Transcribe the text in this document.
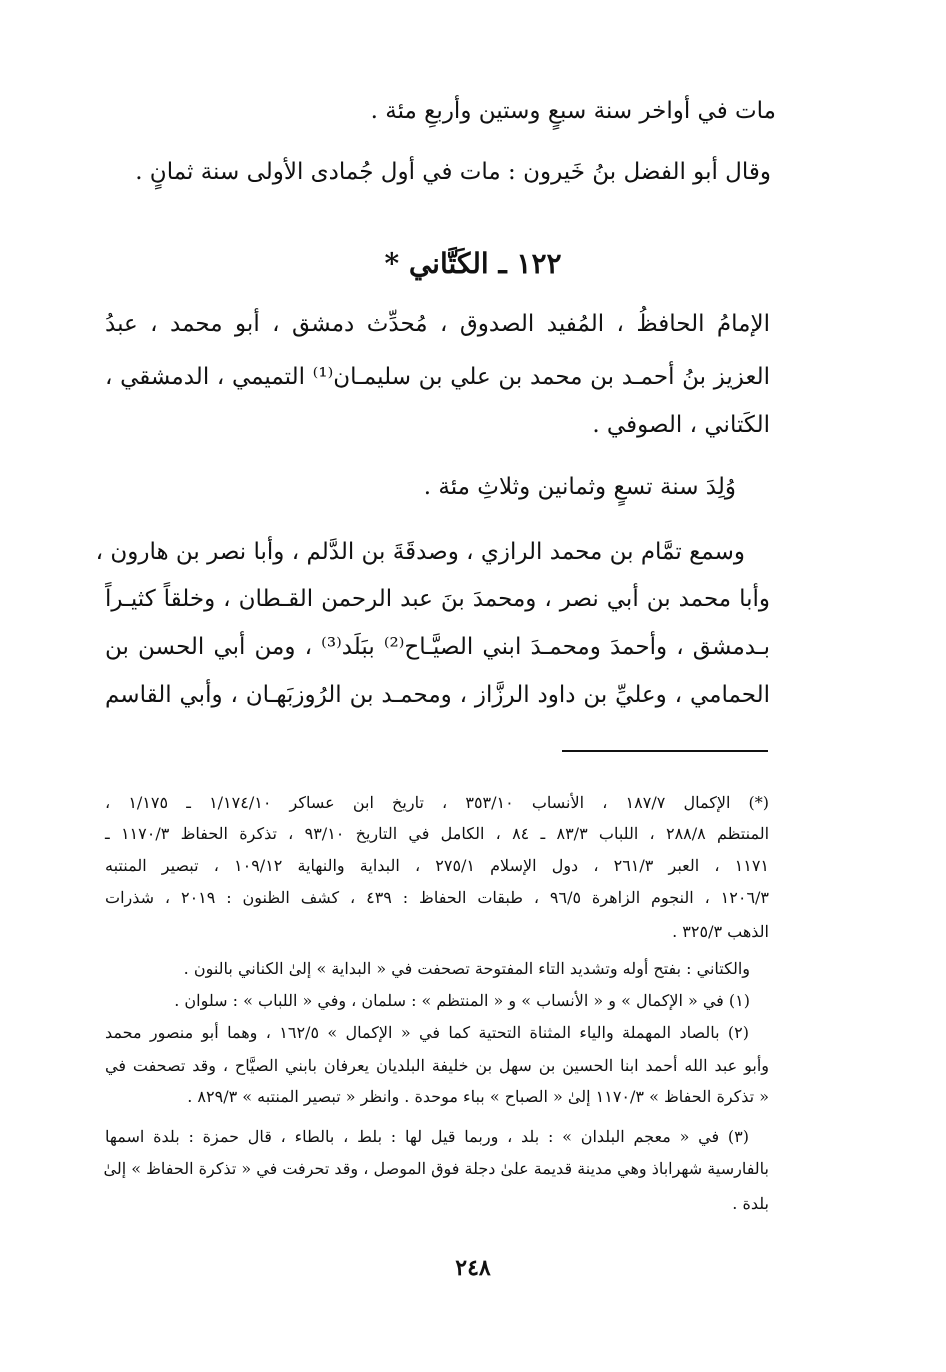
مات في أواخر سنة سبعٍ وستين وأربعِ مئة .
وقال أبو الفضل بنُ خَيرون : مات في أول جُمادى الأولى سنة ثمانٍ .
١٢٢ ـ الكَتَّاني *
الإمامُ الحافظُ ، المُفيد الصدوق ، مُحدِّث دمشق ، أبو محمد ، عبدُ
العزيز بنُ أحمـد بن محمد بن علي بن سليمـان⁽¹⁾ التميمي ، الدمشقي ،
الكَتاني ، الصوفي .
وُلِدَ سنة تسعٍ وثمانين وثلاثِ مئة .
وسمع تمَّام بن محمد الرازي ، وصدقَةَ بن الدَّلم ، وأبا نصر بن هارون ،
وأبا محمد بن أبي نصر ، ومحمدَ بنَ عبد الرحمن القـطان ، وخلقاً كثيـراً
بـدمشق ، وأحمدَ ومحمـدَ ابني الصيَّـاح⁽²⁾ ببَلَد⁽³⁾ ، ومن أبي الحسن بن
الحمامي ، وعليِّ بن داود الرزَّاز ، ومحمـد بن الرُوزبَهـان ، وأبي القاسم
(*) الإكمال ١٨٧/٧ ، الأنساب ٣٥٣/١٠ ، تاريخ ابن عساكر ١/١٧٤/١٠ ـ ١/١٧٥ ،
المنتظم ٢٨٨/٨ ، اللباب ٨٣/٣ ـ ٨٤ ، الكامل في التاريخ ٩٣/١٠ ، تذكرة الحفاظ ١١٧٠/٣ ـ
١١٧١ ، العبر ٢٦١/٣ ، دول الإسلام ٢٧٥/١ ، البداية والنهاية ١٠٩/١٢ ، تبصير المنتبه
١٢٠٦/٣ ، النجوم الزاهرة ٩٦/٥ ، طبقات الحفاظ : ٤٣٩ ، كشف الظنون : ٢٠١٩ ، شذرات
الذهب ٣٢٥/٣ .
والكتاني : بفتح أوله وتشديد التاء المفتوحة تصحفت في « البداية » إلىٰ الكناني بالنون .
(١) في « الإكمال » و « الأنساب » و « المنتظم » : سلمان ، وفي « اللباب » : سلوان .
(٢) بالصاد المهملة والياء المثناة التحتية كما في « الإكمال » ١٦٢/٥ ، وهما أبو منصور محمد
وأبو عبد الله أحمد ابنا الحسين بن سهل بن خليفة البلديان يعرفان بابني الصيَّاح ، وقد تصحفت في
« تذكرة الحفاظ » ١١٧٠/٣ إلىٰ « الصباح » بباء موحدة . وانظر « تبصير المنتبه » ٨٢٩/٣ .
(٣) في « معجم البلدان » : بلد ، وربما قيل لها : بلط ، بالطاء ، قال حمزة : بلدة اسمها
بالفارسية شهراباذ وهي مدينة قديمة علىٰ دجلة فوق الموصل ، وقد تحرفت في « تذكرة الحفاظ » إلىٰ
بلدة .
٢٤٨
